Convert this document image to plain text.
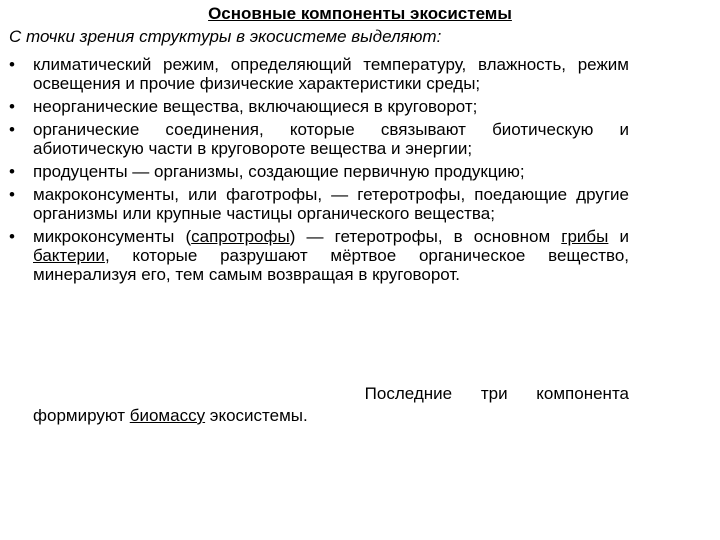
Основные компоненты экосистемы

С точки зрения структуры в экосистеме выделяют:

• климатический режим, определяющий температуру, влажность, режим освещения и прочие физические характеристики среды;
• неорганические вещества, включающиеся в круговорот;
• органические соединения, которые связывают биотическую и абиотическую части в круговороте вещества и энергии;
• продуценты — организмы, создающие первичную продукцию;
• макроконсументы, или фаготрофы, — гетеротрофы, поедающие другие организмы или крупные частицы органического вещества;
• микроконсументы (сапротрофы) — гетеротрофы, в основном грибы и бактерии, которые разрушают мёртвое органическое вещество, минерализуя его, тем самым возвращая в круговорот.

Последние три компонента
формируют биомассу экосистемы.
